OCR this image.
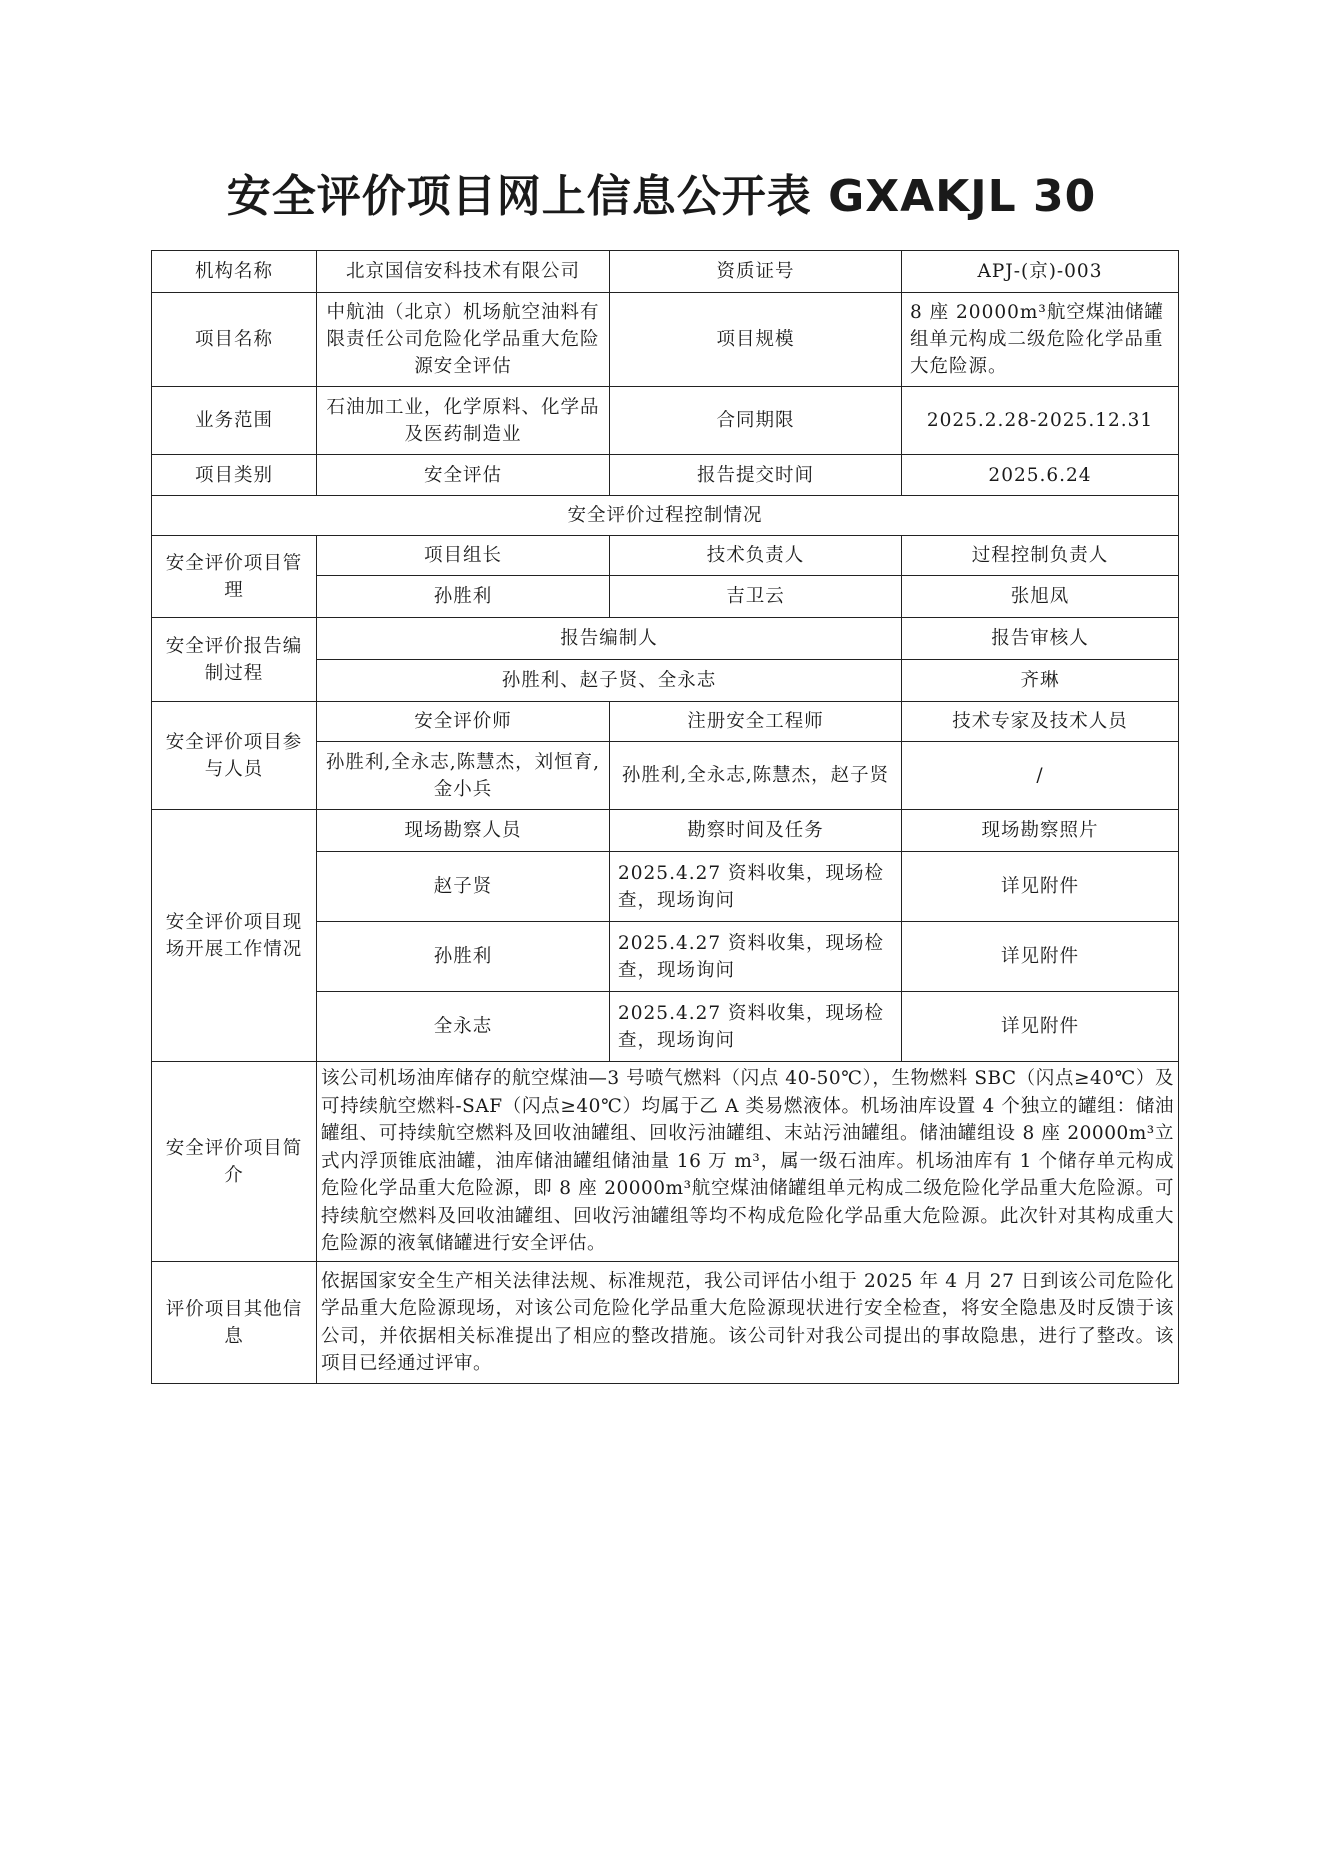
安全评价项目网上信息公开表 GXAKJL 30
机构名称	北京国信安科技术有限公司	资质证号	APJ-(京)-003
项目名称	中航油（北京）机场航空油料有限责任公司危险化学品重大危险源安全评估	项目规模	8 座 20000m³航空煤油储罐组单元构成二级危险化学品重大危险源。
业务范围	石油加工业，化学原料、化学品及医药制造业	合同期限	2025.2.28-2025.12.31
项目类别	安全评估	报告提交时间	2025.6.24
安全评价过程控制情况			
安全评价项目管理	项目组长	技术负责人	过程控制负责人
	孙胜利	吉卫云	张旭凤
安全评价报告编制过程	报告编制人		报告审核人
	孙胜利、赵子贤、全永志		齐琳
安全评价项目参与人员	安全评价师	注册安全工程师	技术专家及技术人员
	孙胜利,全永志,陈慧杰，刘恒育,金小兵	孙胜利,全永志,陈慧杰，赵子贤	/
安全评价项目现场开展工作情况	现场勘察人员	勘察时间及任务	现场勘察照片
	赵子贤	2025.4.27 资料收集，现场检查，现场询问	详见附件
	孙胜利	2025.4.27 资料收集，现场检查，现场询问	详见附件
	全永志	2025.4.27 资料收集，现场检查，现场询问	详见附件
安全评价项目简介	该公司机场油库储存的航空煤油—3 号喷气燃料（闪点 40-50℃），生物燃料 SBC（闪点≥40℃）及可持续航空燃料-SAF（闪点≥40℃）均属于乙 A 类易燃液体。机场油库设置 4 个独立的罐组：储油罐组、可持续航空燃料及回收油罐组、回收污油罐组、末站污油罐组。储油罐组设 8 座 20000m³立式内浮顶锥底油罐，油库储油罐组储油量 16 万 m³，属一级石油库。机场油库有 1 个储存单元构成危险化学品重大危险源，即 8 座 20000m³航空煤油储罐组单元构成二级危险化学品重大危险源。可持续航空燃料及回收油罐组、回收污油罐组等均不构成危险化学品重大危险源。此次针对其构成重大危险源的液氧储罐进行安全评估。		
评价项目其他信息	依据国家安全生产相关法律法规、标准规范，我公司评估小组于 2025 年 4 月 27 日到该公司危险化学品重大危险源现场，对该公司危险化学品重大危险源现状进行安全检查，将安全隐患及时反馈于该公司，并依据相关标准提出了相应的整改措施。该公司针对我公司提出的事故隐患，进行了整改。该项目已经通过评审。		
